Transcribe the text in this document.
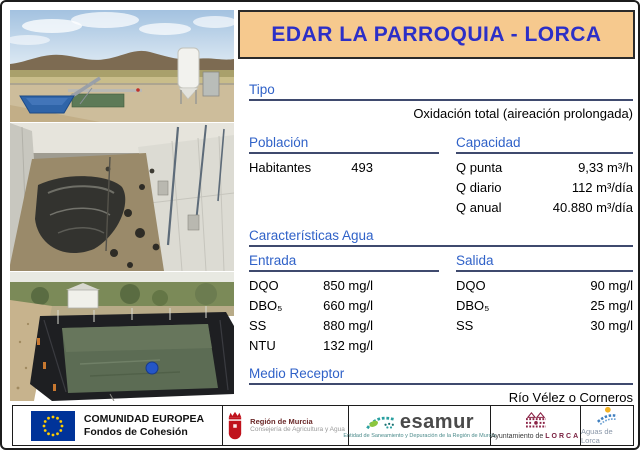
EDAR LA PARROQUIA - LORCA
Tipo
Oxidación total (aireación prolongada)
Población
Habitantes	493
Capacidad
Q punta	9,33 m³/h
Q diario	112 m³/día
Q anual	40.880 m³/día
Características Agua
Entrada
DQO	850 mg/l
DBO₅	660 mg/l
SS	880 mg/l
NTU	132 mg/l
Salida
DQO	90 mg/l
DBO₅	25 mg/l
SS	30 mg/l
Medio Receptor
Río Vélez o Corneros
COMUNIDAD EUROPEA
Fondos de Cohesión
Región de Murcia
Consejería de Agricultura y Agua	esamur
Entidad de Saneamiento y Depuración de la Región de Murcia
Ayuntamiento de LORCA
Aguas de Lorca
